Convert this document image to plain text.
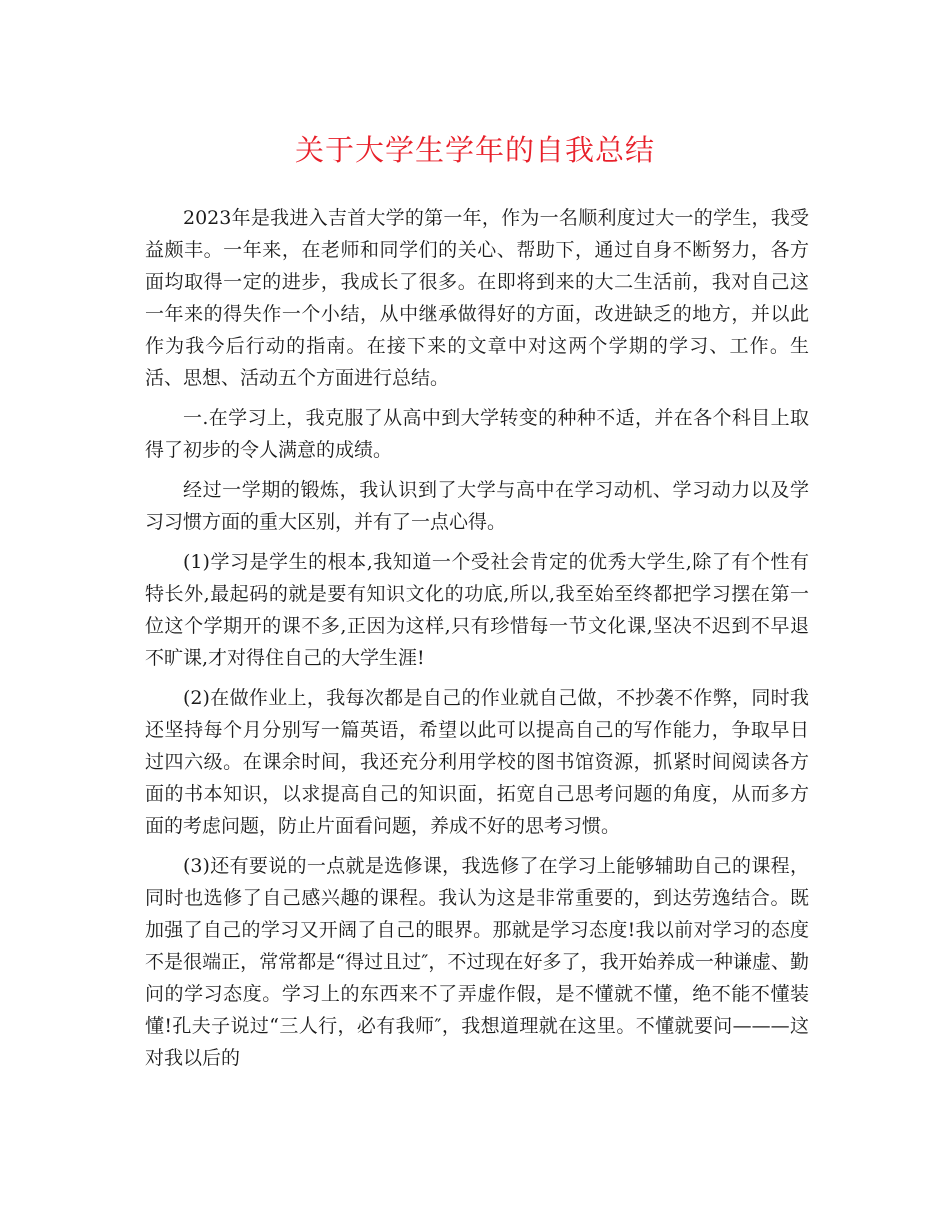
关于大学生学年的自我总结

2023年是我进入吉首大学的第一年，作为一名顺利度过大一的学生，我受益颇丰。一年来，在老师和同学们的关心、帮助下，通过自身不断努力，各方面均取得一定的进步，我成长了很多。在即将到来的大二生活前，我对自己这一年来的得失作一个小结，从中继承做得好的方面，改进缺乏的地方，并以此作为我今后行动的指南。在接下来的文章中对这两个学期的学习、工作。生活、思想、活动五个方面进行总结。

一.在学习上，我克服了从高中到大学转变的种种不适，并在各个科目上取得了初步的令人满意的成绩。

经过一学期的锻炼，我认识到了大学与高中在学习动机、学习动力以及学习习惯方面的重大区别，并有了一点心得。

(1)学习是学生的根本,我知道一个受社会肯定的优秀大学生,除了有个性有特长外,最起码的就是要有知识文化的功底,所以,我至始至终都把学习摆在第一位这个学期开的课不多,正因为这样,只有珍惜每一节文化课,坚决不迟到不早退不旷课,才对得住自己的大学生涯!

(2)在做作业上，我每次都是自己的作业就自己做，不抄袭不作弊，同时我还坚持每个月分别写一篇英语，希望以此可以提高自己的写作能力，争取早日过四六级。在课余时间，我还充分利用学校的图书馆资源，抓紧时间阅读各方面的书本知识，以求提高自己的知识面，拓宽自己思考问题的角度，从而多方面的考虑问题，防止片面看问题，养成不好的思考习惯。

(3)还有要说的一点就是选修课，我选修了在学习上能够辅助自己的课程，同时也选修了自己感兴趣的课程。我认为这是非常重要的，到达劳逸结合。既加强了自己的学习又开阔了自己的眼界。那就是学习态度!我以前对学习的态度不是很端正，常常都是“得过且过″，不过现在好多了，我开始养成一种谦虚、勤问的学习态度。学习上的东西来不了弄虚作假，是不懂就不懂，绝不能不懂装懂!孔夫子说过“三人行，必有我师″，我想道理就在这里。不懂就要问———这对我以后的
